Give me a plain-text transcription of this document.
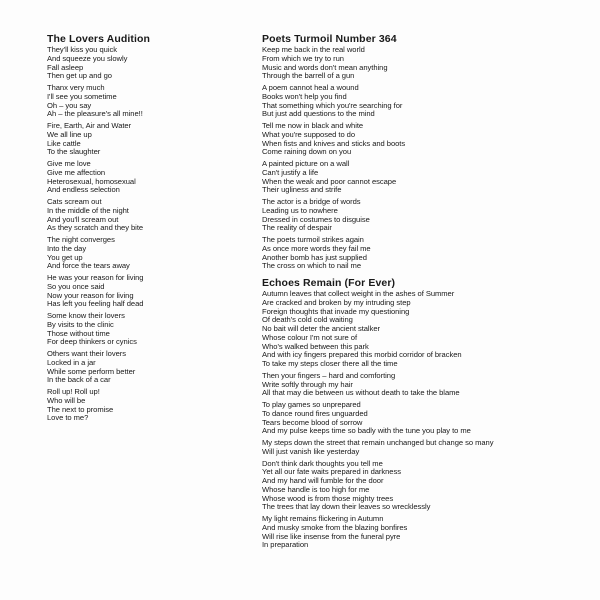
The Lovers Audition
They'll kiss you quick
And squeeze you slowly
Fall asleep
Then get up and go
Thanx very much
I'll see you sometime
Oh – you say
Ah – the pleasure's all mine!!
Fire, Earth, Air and Water
We all line up
Like cattle
To the slaughter
Give me love
Give me affection
Heterosexual, homosexual
And endless selection
Cats scream out
In the middle of the night
And you'll scream out
As they scratch and they bite
The night converges
Into the day
You get up
And force the tears away
He was your reason for living
So you once said
Now your reason for living
Has left you feeling half dead
Some know their lovers
By visits to the clinic
Those without time
For deep thinkers or cynics
Others want their lovers
Locked in a jar
While some perform better
In the back of a car
Roll up! Roll up!
Who will be
The next to promise
Love to me?
Poets Turmoil Number 364
Keep me back in the real world
From which we try to run
Music and words don't mean anything
Through the barrell of a gun
A poem cannot heal a wound
Books won't help you find
That something which you're searching for
But just add questions to the mind
Tell me now in black and white
What you're supposed to do
When fists and knives and sticks and boots
Come raining down on you
A painted picture on a wall
Can't justify a life
When the weak and poor cannot escape
Their ugliness and strife
The actor is a bridge of words
Leading us to nowhere
Dressed in costumes to disguise
The reality of despair
The poets turmoil strikes again
As once more words they fail me
Another bomb has just supplied
The cross on which to nail me
Echoes Remain (For Ever)
Autumn leaves that collect weight in the ashes of Summer
Are cracked and broken by my intruding step
Foreign thoughts that invade my questioning
Of death's cold cold waiting
No bait will deter the ancient stalker
Whose colour I'm not sure of
Who's walked between this park
And with icy fingers prepared this morbid corridor of bracken
To take my steps closer there all the time
Then your fingers – hard and comforting
Write softly through my hair
All that may die between us without death to take the blame
To play games so unprepared
To dance round fires unguarded
Tears become blood of sorrow
And my pulse keeps time so badly with the tune you play to me
My steps down the street that remain unchanged but change so many
Will just vanish like yesterday
Don't think dark thoughts you tell me
Yet all our fate waits prepared in darkness
And my hand will fumble for the door
Whose handle is too high for me
Whose wood is from those mighty trees
The trees that lay down their leaves so wrecklessly
My light remains flickering in Autumn
And musky smoke from the blazing bonfires
Will rise like insense from the funeral pyre
In preparation
